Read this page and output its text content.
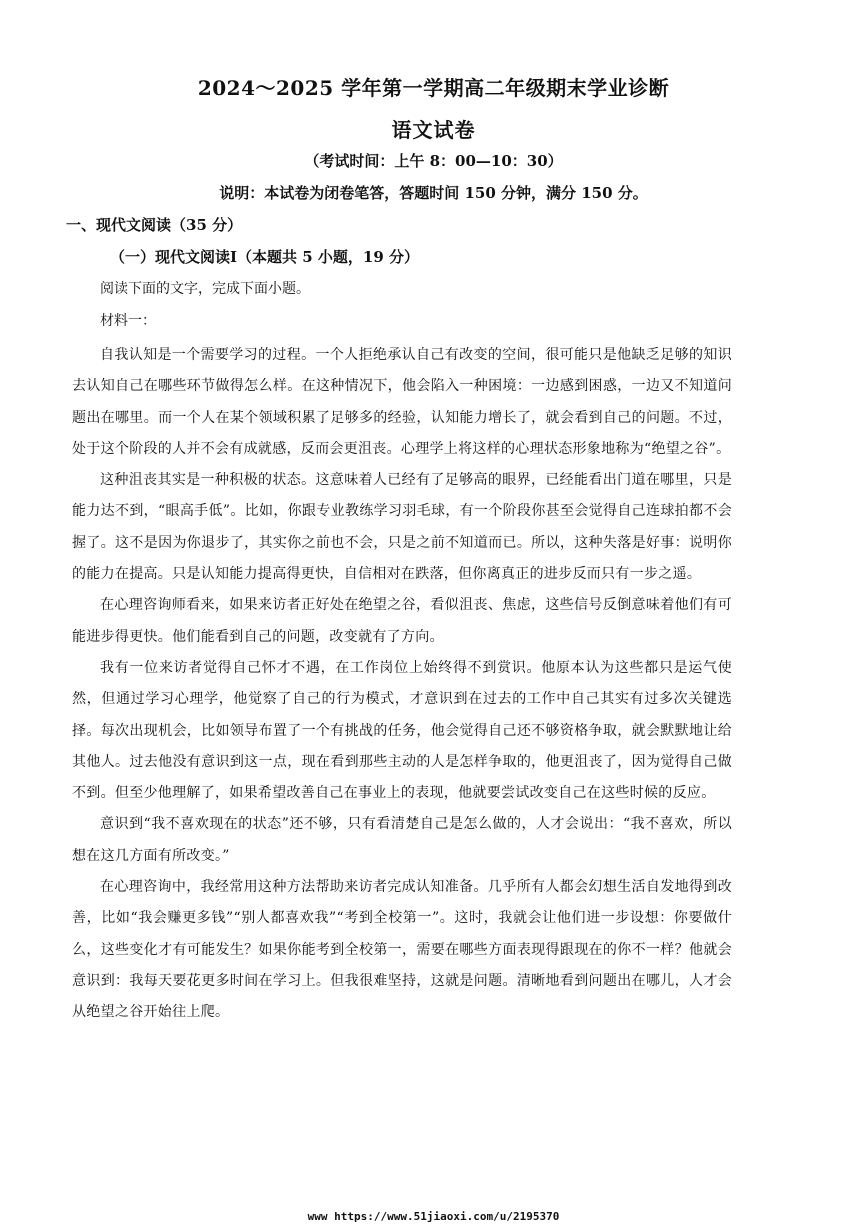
2024～2025 学年第一学期高二年级期末学业诊断
语文试卷
（考试时间：上午 8：00—10：30）
说明：本试卷为闭卷笔答，答题时间 150 分钟，满分 150 分。
一、现代文阅读（35 分）
（一）现代文阅读Ⅰ（本题共 5 小题，19 分）
阅读下面的文字，完成下面小题。
材料一：

自我认知是一个需要学习的过程。一个人拒绝承认自己有改变的空间，很可能只是他缺乏足够的知识去认知自己在哪些环节做得怎么样。在这种情况下，他会陷入一种困境：一边感到困惑，一边又不知道问题出在哪里。而一个人在某个领域积累了足够多的经验，认知能力增长了，就会看到自己的问题。不过，处于这个阶段的人并不会有成就感，反而会更沮丧。心理学上将这样的心理状态形象地称为“绝望之谷”。

这种沮丧其实是一种积极的状态。这意味着人已经有了足够高的眼界，已经能看出门道在哪里，只是能力达不到，“眼高手低”。比如，你跟专业教练学习羽毛球，有一个阶段你甚至会觉得自己连球拍都不会握了。这不是因为你退步了，其实你之前也不会，只是之前不知道而已。所以，这种失落是好事：说明你的能力在提高。只是认知能力提高得更快，自信相对在跌落，但你离真正的进步反而只有一步之遥。

在心理咨询师看来，如果来访者正好处在绝望之谷，看似沮丧、焦虑，这些信号反倒意味着他们有可能进步得更快。他们能看到自己的问题，改变就有了方向。

我有一位来访者觉得自己怀才不遇，在工作岗位上始终得不到赏识。他原本认为这些都只是运气使然，但通过学习心理学，他觉察了自己的行为模式，才意识到在过去的工作中自己其实有过多次关键选择。每次出现机会，比如领导布置了一个有挑战的任务，他会觉得自己还不够资格争取，就会默默地让给其他人。过去他没有意识到这一点，现在看到那些主动的人是怎样争取的，他更沮丧了，因为觉得自己做不到。但至少他理解了，如果希望改善自己在事业上的表现，他就要尝试改变自己在这些时候的反应。

意识到“我不喜欢现在的状态”还不够，只有看清楚自己是怎么做的，人才会说出：“我不喜欢，所以想在这几方面有所改变。”

在心理咨询中，我经常用这种方法帮助来访者完成认知准备。几乎所有人都会幻想生活自发地得到改善，比如“我会赚更多钱”“别人都喜欢我”“考到全校第一”。这时，我就会让他们进一步设想：你要做什么，这些变化才有可能发生？如果你能考到全校第一，需要在哪些方面表现得跟现在的你不一样？他就会意识到：我每天要花更多时间在学习上。但我很难坚持，这就是问题。清晰地看到问题出在哪儿，人才会从绝望之谷开始往上爬。

www https://www.51jiaoxi.com/u/2195370
